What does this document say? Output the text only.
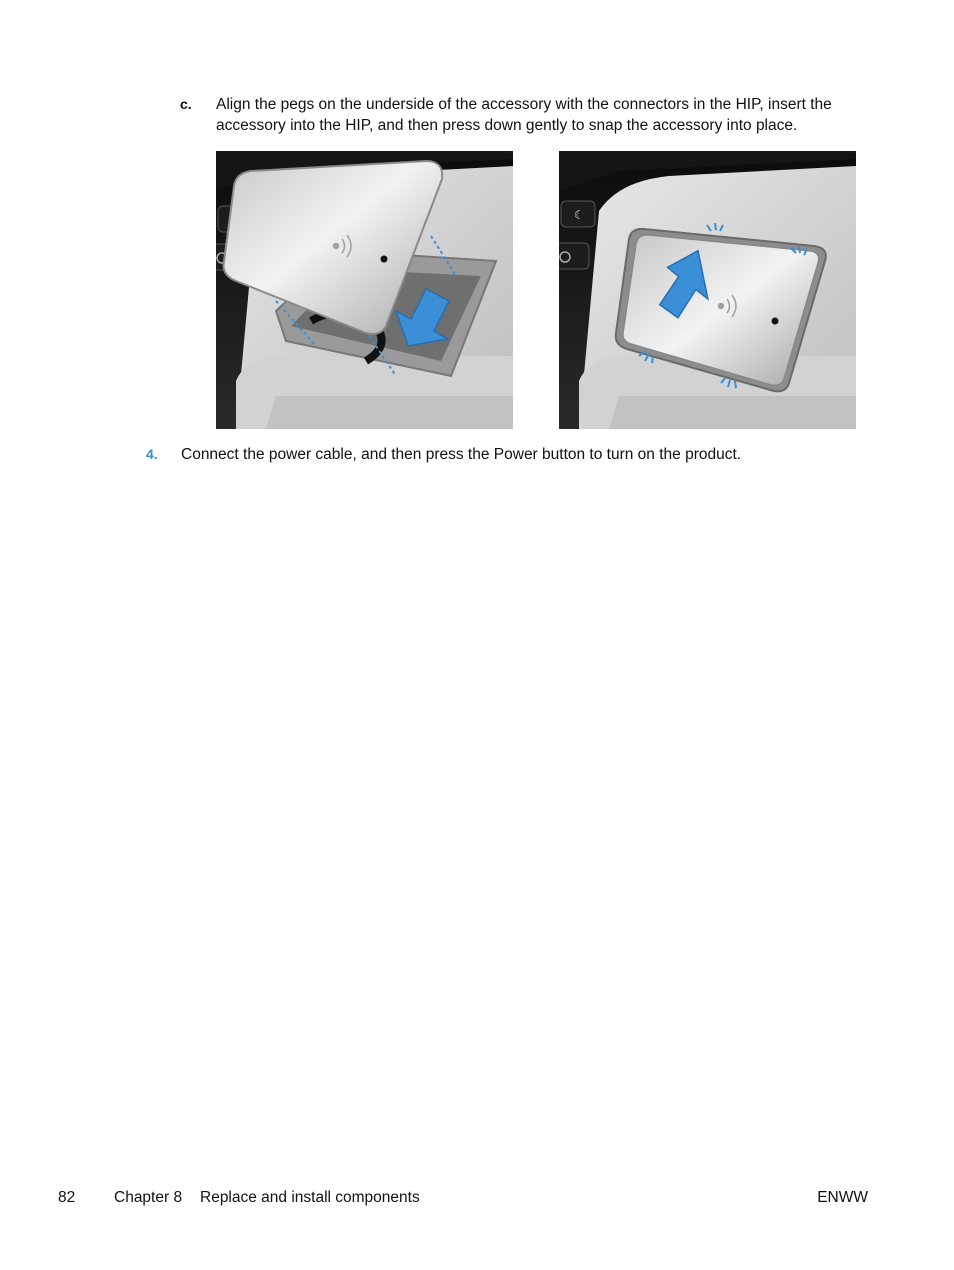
c. Align the pegs on the underside of the accessory with the connectors in the HIP, insert the accessory into the HIP, and then press down gently to snap the accessory into place.
☾
4. Connect the power cable, and then press the Power button to turn on the product.
82	Chapter 8 Replace and install components	ENWW
